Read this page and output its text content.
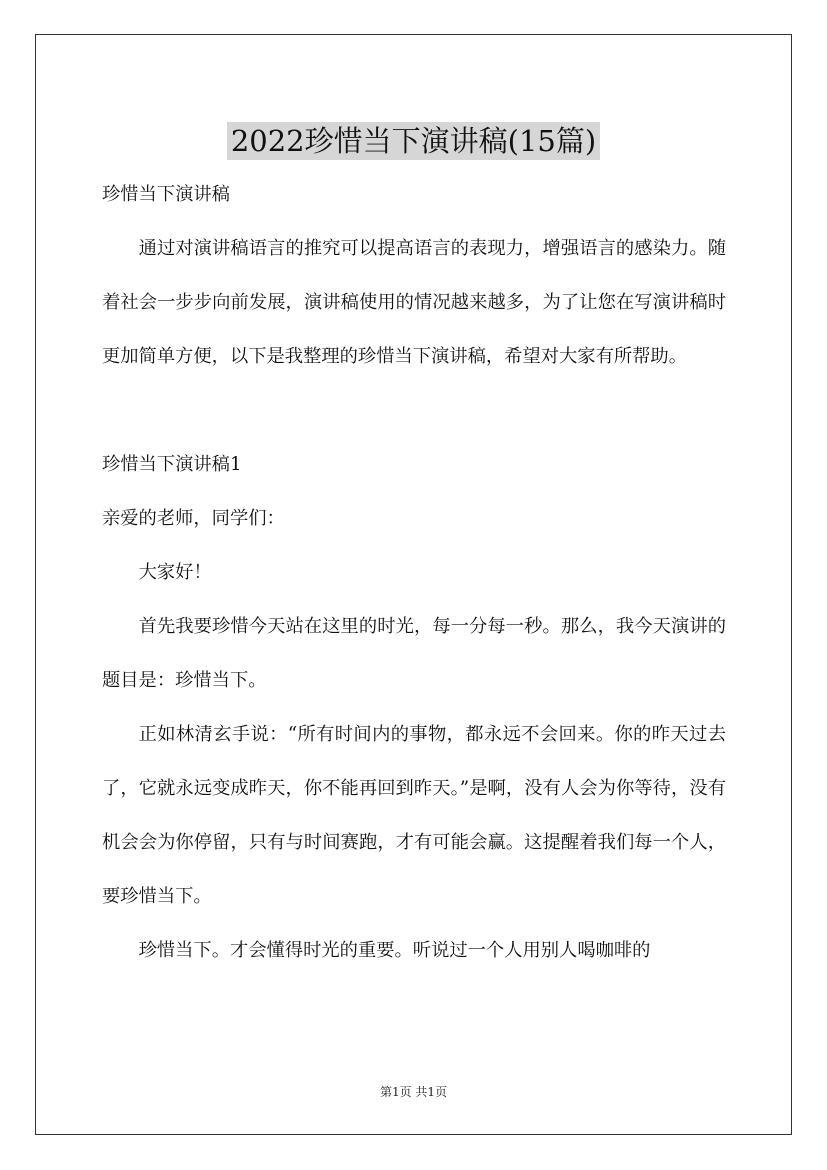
2022珍惜当下演讲稿(15篇)

珍惜当下演讲稿

通过对演讲稿语言的推究可以提高语言的表现力，增强语言的感染力。随着社会一步步向前发展，演讲稿使用的情况越来越多，为了让您在写演讲稿时更加简单方便，以下是我整理的珍惜当下演讲稿，希望对大家有所帮助。

珍惜当下演讲稿1

亲爱的老师，同学们：

大家好！

首先我要珍惜今天站在这里的时光，每一分每一秒。那么，我今天演讲的题目是：珍惜当下。

正如林清玄手说：“所有时间内的事物，都永远不会回来。你的昨天过去了，它就永远变成昨天，你不能再回到昨天。”是啊，没有人会为你等待，没有机会会为你停留，只有与时间赛跑，才有可能会赢。这提醒着我们每一个人，要珍惜当下。

珍惜当下。才会懂得时光的重要。听说过一个人用别人喝咖啡的

第1页 共1页
